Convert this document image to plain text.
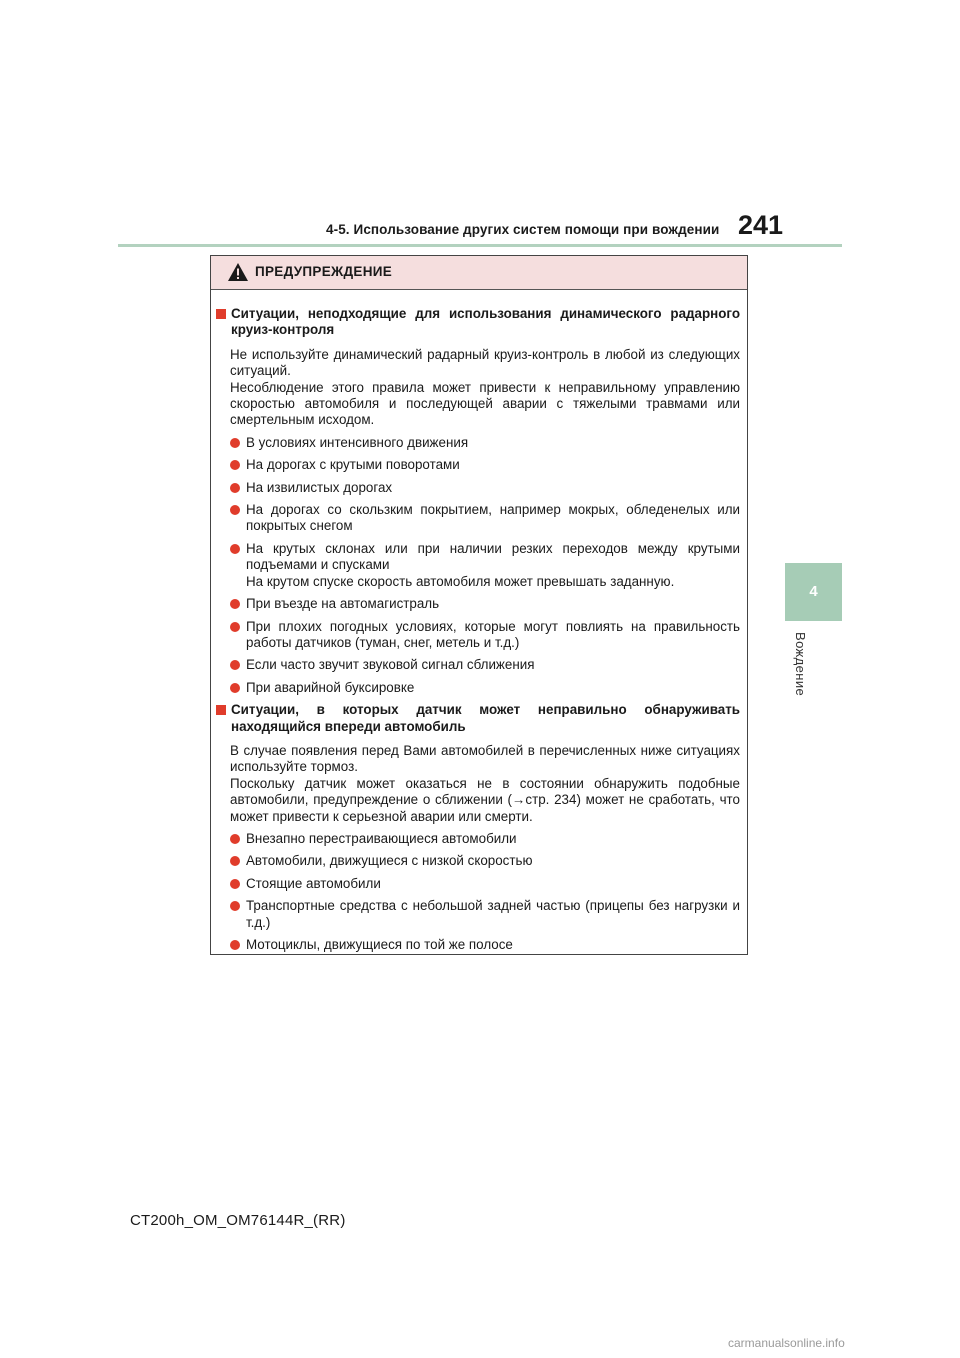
4-5. Использование других систем помощи при вождении 241
4
Вождение
ПРЕДУПРЕЖДЕНИЕ
Ситуации, неподходящие для использования динамического радарного круиз-контроля
Не используйте динамический радарный круиз-контроль в любой из следующих ситуаций.
Несоблюдение этого правила может привести к неправильному управлению скоростью автомобиля и последующей аварии с тяжелыми травмами или смертельным исходом.
В условиях интенсивного движения
На дорогах с крутыми поворотами
На извилистых дорогах
На дорогах со скользким покрытием, например мокрых, обледенелых или покрытых снегом
На крутых склонах или при наличии резких переходов между крутыми подъемами и спусками
На крутом спуске скорость автомобиля может превышать заданную.
При въезде на автомагистраль
При плохих погодных условиях, которые могут повлиять на правильность работы датчиков (туман, снег, метель и т.д.)
Если часто звучит звуковой сигнал сближения
При аварийной буксировке
Ситуации, в которых датчик может неправильно обнаруживать находящийся впереди автомобиль
В случае появления перед Вами автомобилей в перечисленных ниже ситуациях используйте тормоз.
Поскольку датчик может оказаться не в состоянии обнаружить подобные автомобили, предупреждение о сближении (→стр. 234) может не сработать, что может привести к серьезной аварии или смерти.
Внезапно перестраивающиеся автомобили
Автомобили, движущиеся с низкой скоростью
Стоящие автомобили
Транспортные средства с небольшой задней частью (прицепы без нагрузки и т.д.)
Мотоциклы, движущиеся по той же полосе
CT200h_OM_OM76144R_(RR)
carmanualsonline.info
